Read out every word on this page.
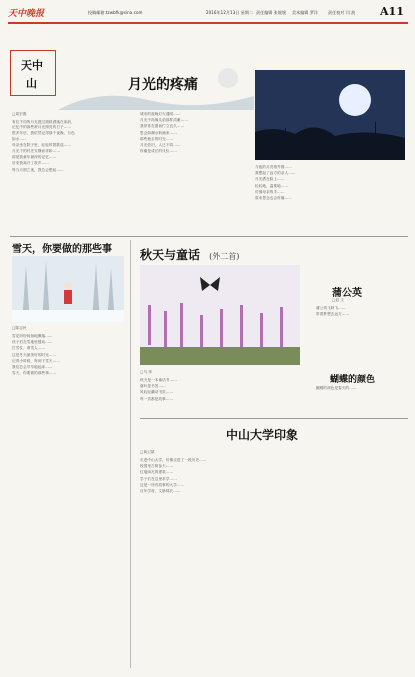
天中晚报	投稿邮箱:tzwbfk@sina.com	2016年12月13日 星期二 责任编辑 张媛媛 美术编辑 罗洋	责任校对 闫 波 A11
天中
山	月光的疼痛
□周宏胜

有位不同的月光透过窗棂洒落在床前，记忆中的那些被月光照亮的日子……

很多年后，我依然记得那个夜晚，月色如水……

母亲坐在院子里，轻轻哼着歌谣……

月光下的村庄安静而祥和……

那是我童年最深的记忆……

后来我离开了故乡……

每当月圆之夜，我总会想起……

城市的夜晚灯火通明……

月光不再像从前那样清澈……

我常常在窗前伫立良久……

思念如潮水般涌来……

那些逝去的时光……

月光依旧，人已不同……

疼痛是成长的代价……

今夜的月亮格外圆……

我想起了远方的亲人……

月光洒在脸上……

轻轻地，温柔地……

仿佛母亲的手……

原来思念也会疼痛……

雪天，你要做的那些事
□陈志民

雪花纷纷扬扬地飘落……

孩子们在雪地里嬉戏……

打雪仗、堆雪人……

这是冬天最美好的时光……

记得小时候，每到下雪天……

我们总会早早地起床……

雪天，你要做的那些事……

秋天与童话 (外二首)
蒲公英
□赵 文

蒲公英飞呀飞……

带着梦想去远方……

□马 萍

秋天是一本童话书……

落叶是书签……

风轻轻翻动书页……

每一页都是故事……

蝴蝶的颜色

蝴蝶的颜色是春天的……

中山大学印象
□黄卫斌

走进中山大学，仿佛走进了一段历史……

校园里古树参天……

红墙绿瓦的建筑……

学子们在这里求学……

这是一所有故事的大学……

百年学府，文脉绵长……
